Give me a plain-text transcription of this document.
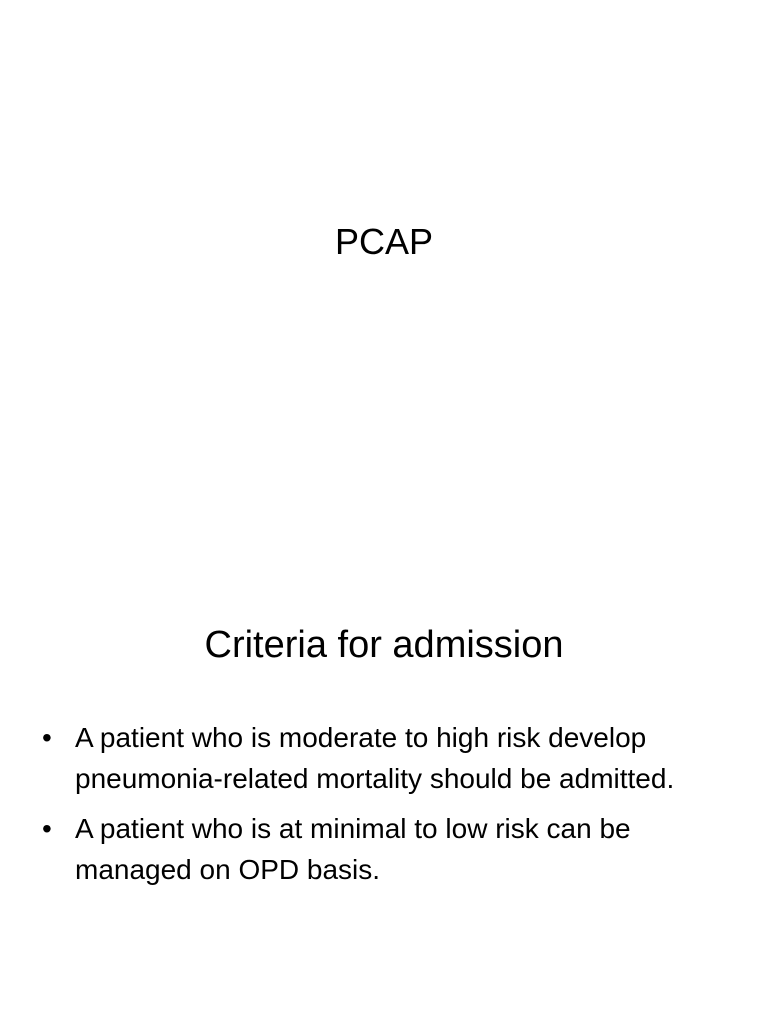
PCAP
Criteria for admission
• A patient who is moderate to high risk develop pneumonia-related mortality should be admitted.
• A patient who is at minimal to low risk can be managed on OPD basis.
